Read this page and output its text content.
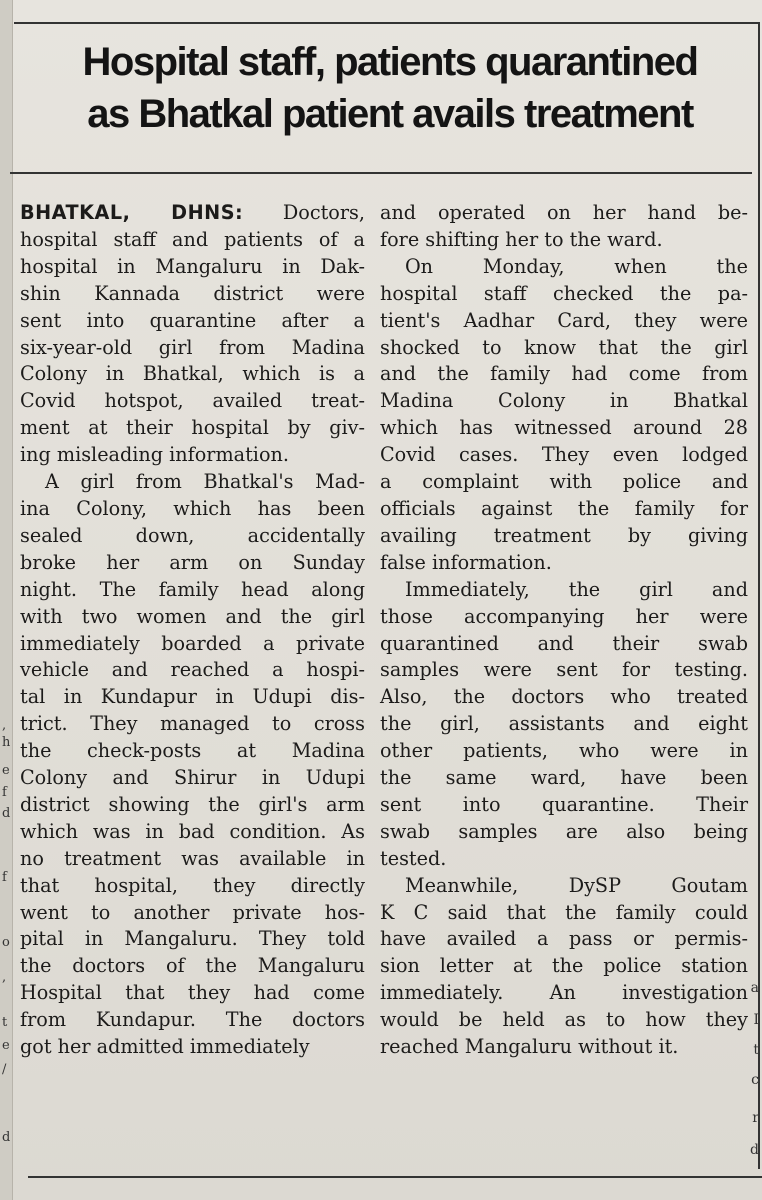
,
h
e
f
d
f
o
,
t
e
/
d
a
I
t
c
r
d
Hospital staff, patients quarantined
as Bhatkal patient avails treatment
BHATKAL, DHNS: Doctors,
hospital staff and patients of a
hospital in Mangaluru in Dak-
shin Kannada district were
sent into quarantine after a
six-year-old girl from Madina
Colony in Bhatkal, which is a
Covid hotspot, availed treat-
ment at their hospital by giv-
ing misleading information.
A girl from Bhatkal's Mad-
ina Colony, which has been
sealed down, accidentally
broke her arm on Sunday
night. The family head along
with two women and the girl
immediately boarded a private
vehicle and reached a hospi-
tal in Kundapur in Udupi dis-
trict. They managed to cross
the check-posts at Madina
Colony and Shirur in Udupi
district showing the girl's arm
which was in bad condition. As
no treatment was available in
that hospital, they directly
went to another private hos-
pital in Mangaluru. They told
the doctors of the Mangaluru
Hospital that they had come
from Kundapur. The doctors
got her admitted immediately
and operated on her hand be-
fore shifting her to the ward.
On Monday, when the
hospital staff checked the pa-
tient's Aadhar Card, they were
shocked to know that the girl
and the family had come from
Madina Colony in Bhatkal
which has witnessed around 28
Covid cases. They even lodged
a complaint with police and
officials against the family for
availing treatment by giving
false information.
Immediately, the girl and
those accompanying her were
quarantined and their swab
samples were sent for testing.
Also, the doctors who treated
the girl, assistants and eight
other patients, who were in
the same ward, have been
sent into quarantine. Their
swab samples are also being
tested.
Meanwhile, DySP Goutam
K C said that the family could
have availed a pass or permis-
sion letter at the police station
immediately. An investigation
would be held as to how they
reached Mangaluru without it.
